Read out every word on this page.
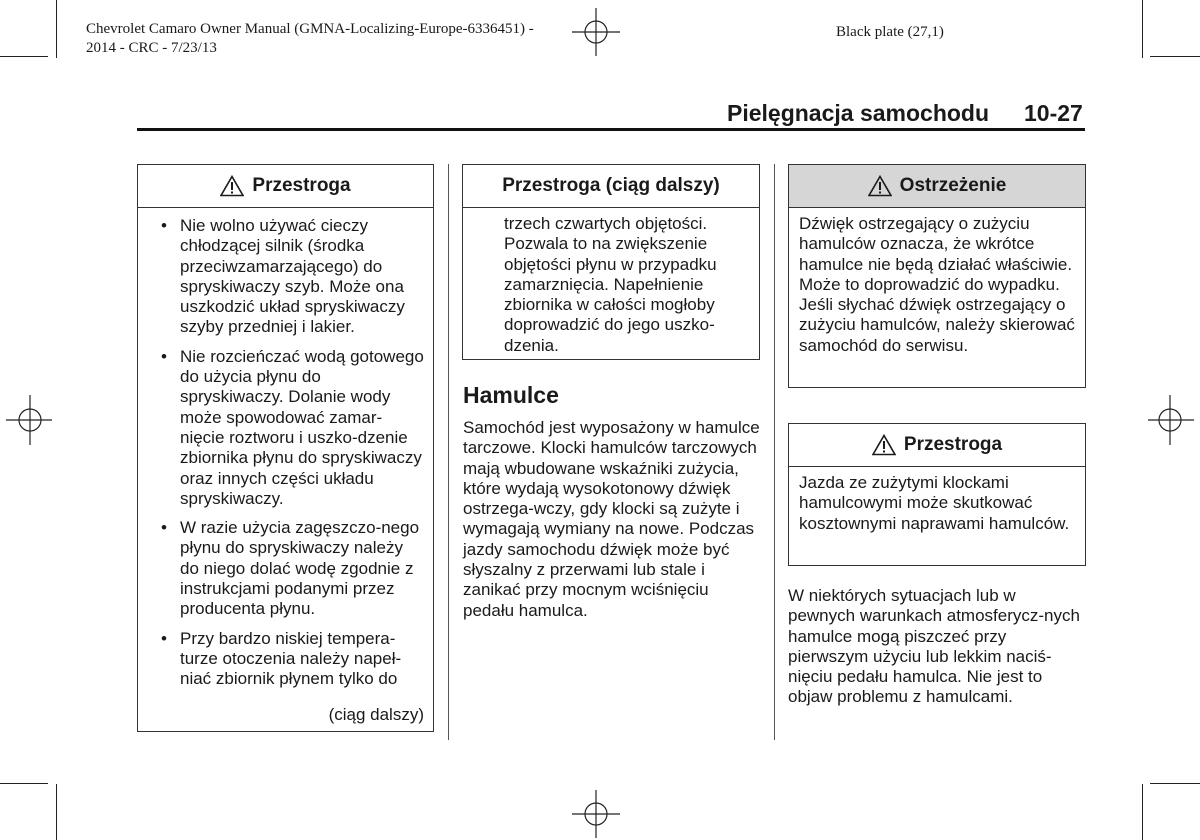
Chevrolet Camaro Owner Manual (GMNA-Localizing-Europe-6336451) -
2014 - CRC - 7/23/13
Black plate (27,1)
Pielęgnacja samochodu 10-27
Przestroga
• Nie wolno używać cieczy chłodzącej silnik (środka przeciwzamarzającego) do spryskiwaczy szyb. Może ona uszkodzić układ spryskiwaczy szyby przedniej i lakier.
• Nie rozcieńczać wodą gotowego do użycia płynu do spryskiwaczy. Dolanie wody może spowodować zamar-nięcie roztworu i uszko-dzenie zbiornika płynu do spryskiwaczy oraz innych części układu spryskiwaczy.
• W razie użycia zagęszczo-nego płynu do spryskiwaczy należy do niego dolać wodę zgodnie z instrukcjami podanymi przez producenta płynu.
• Przy bardzo niskiej tempera-turze otoczenia należy napeł-niać zbiornik płynem tylko do
(ciąg dalszy)
Przestroga (ciąg dalszy)
trzech czwartych objętości. Pozwala to na zwiększenie objętości płynu w przypadku zamarznięcia. Napełnienie zbiornika w całości mogłoby doprowadzić do jego uszko-dzenia.
Hamulce
Samochód jest wyposażony w hamulce tarczowe. Klocki hamulców tarczowych mają wbudowane wskaźniki zużycia, które wydają wysokotonowy dźwięk ostrzega-wczy, gdy klocki są zużyte i wymagają wymiany na nowe. Podczas jazdy samochodu dźwięk może być słyszalny z przerwami lub stale i zanikać przy mocnym wciśnięciu pedału hamulca.
Ostrzeżenie
Dźwięk ostrzegający o zużyciu hamulców oznacza, że wkrótce hamulce nie będą działać właściwie. Może to doprowadzić do wypadku. Jeśli słychać dźwięk ostrzegający o zużyciu hamulców, należy skierować samochód do serwisu.
Przestroga
Jazda ze zużytymi klockami hamulcowymi może skutkować kosztownymi naprawami hamulców.
W niektórych sytuacjach lub w pewnych warunkach atmosferycz-nych hamulce mogą piszczeć przy pierwszym użyciu lub lekkim naciś-nięciu pedału hamulca. Nie jest to objaw problemu z hamulcami.
